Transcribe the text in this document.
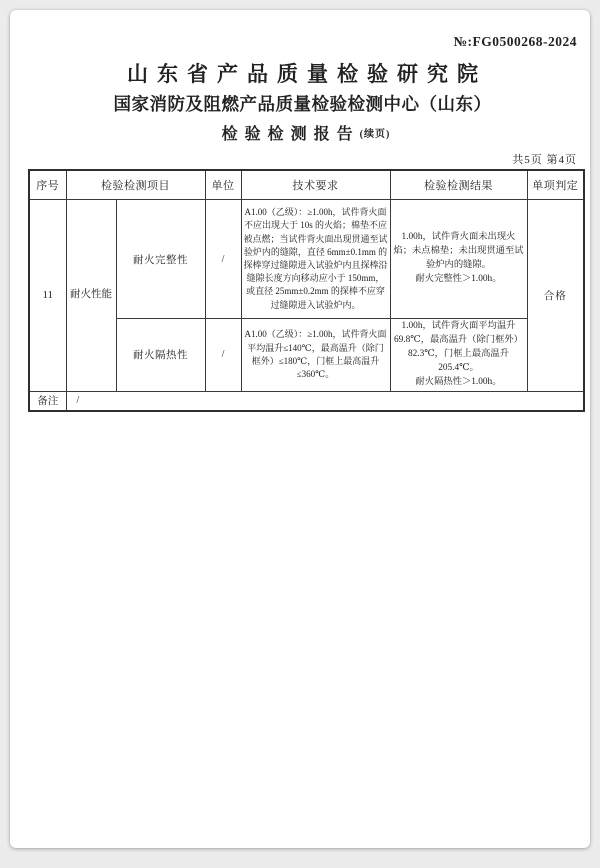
№:FG0500268-2024
山东省产品质量检验研究院
国家消防及阻燃产品质量检验检测中心（山东）
检验检测报告(续页)
共5页 第4页
序号	检验检测项目		单位	技术要求	检验检测结果	单项判定
11	耐火性能	耐火完整性	/	A1.00（乙级）：≥1.00h，试件背火面不应出现大于 10s 的火焰；棉垫不应被点燃；当试件背火面出现贯通至试验炉内的缝隙，直径 6mm±0.1mm 的探棒穿过缝隙进入试验炉内且探棒沿缝隙长度方向移动应小于 150mm，或直径 25mm±0.2mm 的探棒不应穿过缝隙进入试验炉内。	1.00h，试件背火面未出现火焰；未点棉垫；未出现贯通至试验炉内的缝隙。
耐火完整性＞1.00h。	合格
		耐火隔热性	/	A1.00（乙级）：≥1.00h，试件背火面平均温升≤140℃，最高温升（除门框外）≤180℃，门框上最高温升≤360℃。	1.00h，试件背火面平均温升 69.8℃，最高温升（除门框外）82.3℃，门框上最高温升 205.4℃。
耐火隔热性＞1.00h。	

备注	/					
